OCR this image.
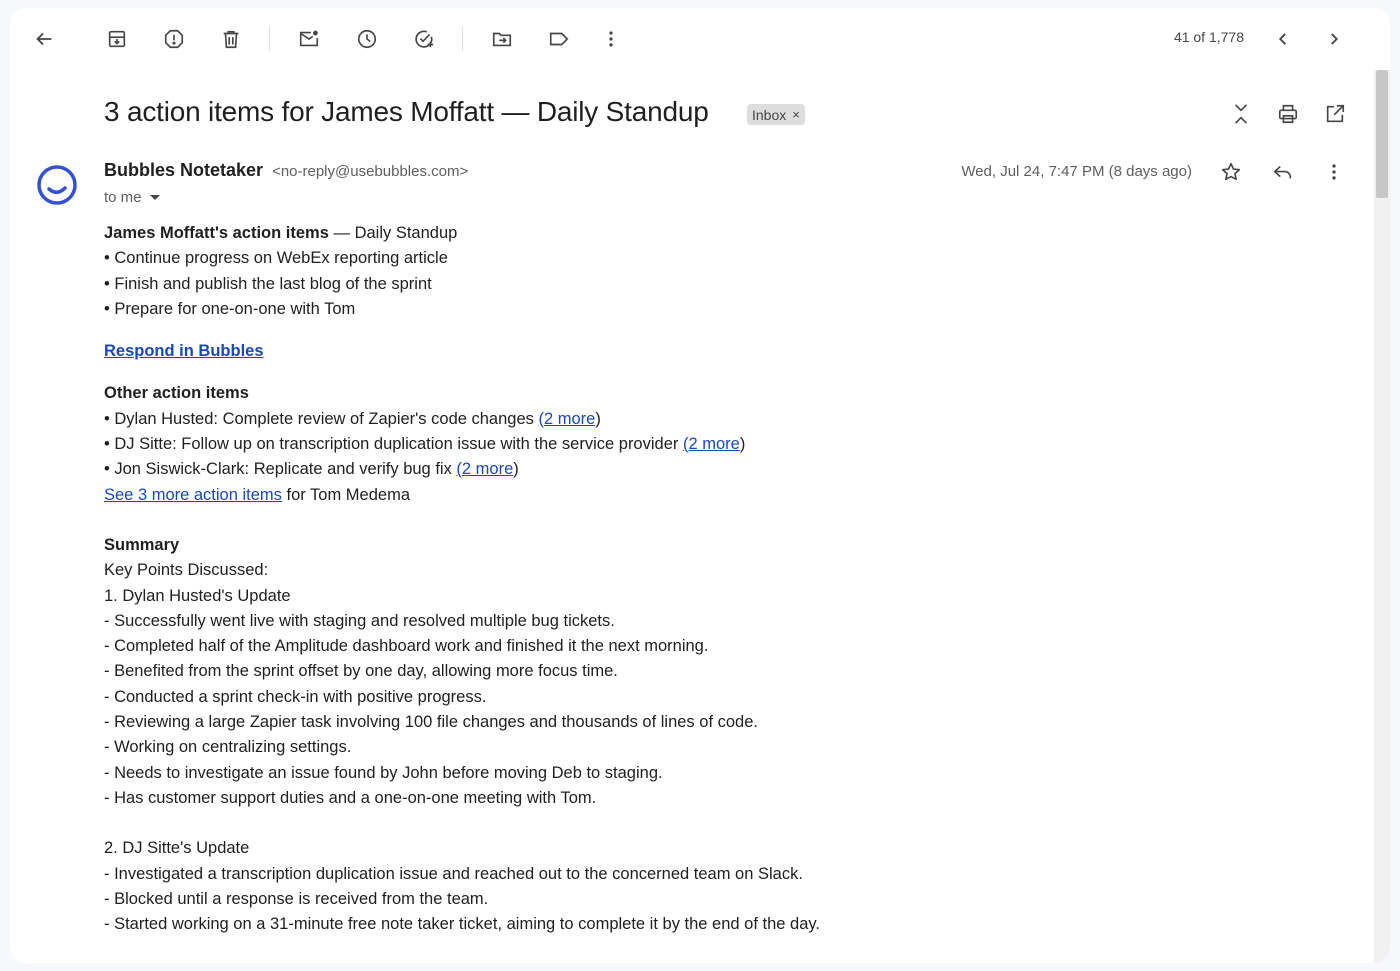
41 of 1,778
3 action items for James Moffatt — Daily Standup	Inbox ×
Bubbles Notetaker <no-reply@usebubbles.com>
to me
Wed, Jul 24, 7:47 PM (8 days ago)
James Moffatt's action items — Daily Standup
• Continue progress on WebEx reporting article
• Finish and publish the last blog of the sprint
• Prepare for one-on-one with Tom
Respond in Bubbles
Other action items
• Dylan Husted: Complete review of Zapier's code changes (2 more)
• DJ Sitte: Follow up on transcription duplication issue with the service provider (2 more)
• Jon Siswick-Clark: Replicate and verify bug fix (2 more)
See 3 more action items for Tom Medema
Summary
Key Points Discussed:
1. Dylan Husted's Update
- Successfully went live with staging and resolved multiple bug tickets.
- Completed half of the Amplitude dashboard work and finished it the next morning.
- Benefited from the sprint offset by one day, allowing more focus time.
- Conducted a sprint check-in with positive progress.
- Reviewing a large Zapier task involving 100 file changes and thousands of lines of code.
- Working on centralizing settings.
- Needs to investigate an issue found by John before moving Deb to staging.
- Has customer support duties and a one-on-one meeting with Tom.
2. DJ Sitte's Update
- Investigated a transcription duplication issue and reached out to the concerned team on Slack.
- Blocked until a response is received from the team.
- Started working on a 31-minute free note taker ticket, aiming to complete it by the end of the day.
